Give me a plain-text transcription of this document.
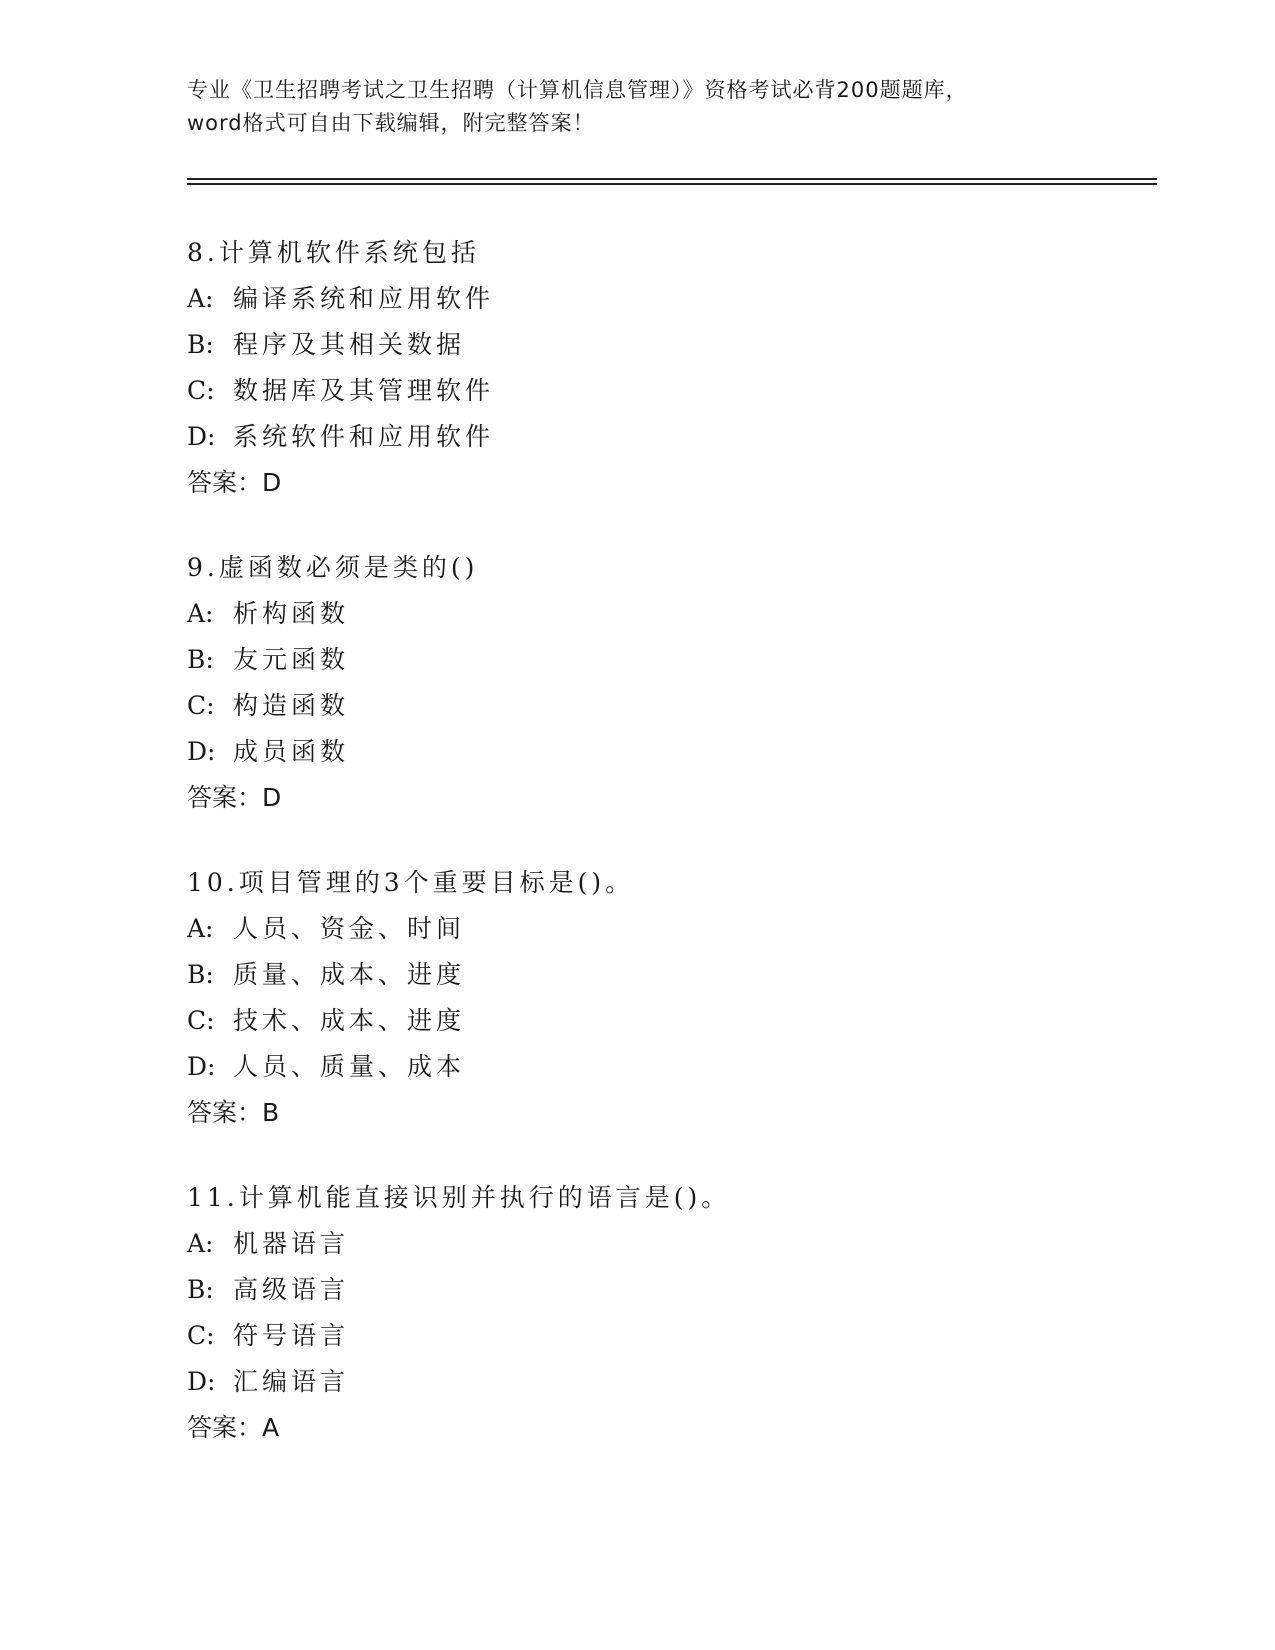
专业《卫生招聘考试之卫生招聘（计算机信息管理）》资格考试必背200题题库，
word格式可自由下载编辑，附完整答案！
8.计算机软件系统包括
A: 编译系统和应用软件
B: 程序及其相关数据
C: 数据库及其管理软件
D: 系统软件和应用软件
答案：D
9.虚函数必须是类的()
A: 析构函数
B: 友元函数
C: 构造函数
D: 成员函数
答案：D
10.项目管理的3个重要目标是()。
A: 人员、资金、时间
B: 质量、成本、进度
C: 技术、成本、进度
D: 人员、质量、成本
答案：B
11.计算机能直接识别并执行的语言是()。
A: 机器语言
B: 高级语言
C: 符号语言
D: 汇编语言
答案：A
